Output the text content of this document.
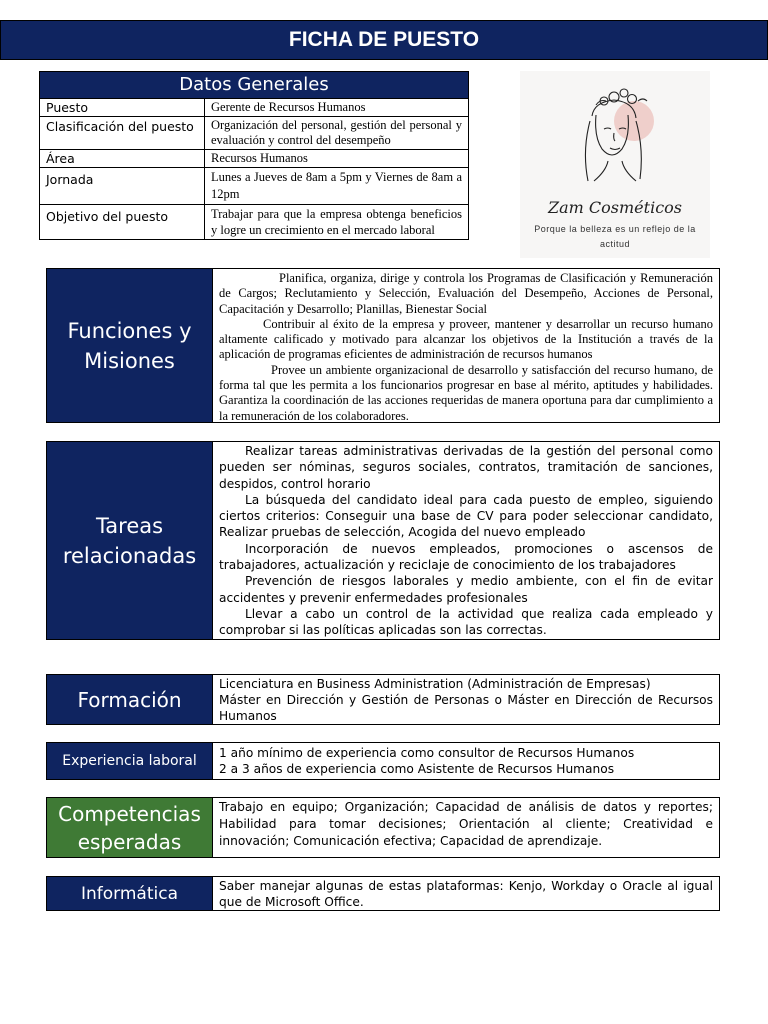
FICHA DE PUESTO
Datos Generales	
Puesto	Gerente de Recursos Humanos
Clasificación del puesto	Organización del personal, gestión del personal y evaluación y control del desempeño
Área	Recursos Humanos
Jornada	Lunes a Jueves de 8am a 5pm y Viernes de 8am a 12pm
Objetivo del puesto	Trabajar para que la empresa obtenga beneficios y logre un crecimiento en el mercado laboral
Zam Cosméticos
Porque la belleza es un reflejo de la actitud
Funciones y Misiones

Planifica, organiza, dirige y controla los Programas de Clasificación y Remuneración de Cargos; Reclutamiento y Selección, Evaluación del Desempeño, Acciones de Personal, Capacitación y Desarrollo; Planillas, Bienestar Social

Contribuir al éxito de la empresa y proveer, mantener y desarrollar un recurso humano altamente calificado y motivado para alcanzar los objetivos de la Institución a través de la aplicación de programas eficientes de administración de recursos humanos

Provee un ambiente organizacional de desarrollo y satisfacción del recurso humano, de forma tal que les permita a los funcionarios progresar en base al mérito, aptitudes y habilidades. Garantiza la coordinación de las acciones requeridas de manera oportuna para dar cumplimiento a la remuneración de los colaboradores.

Tareas relacionadas

Realizar tareas administrativas derivadas de la gestión del personal como pueden ser nóminas, seguros sociales, contratos, tramitación de sanciones, despidos, control horario

La búsqueda del candidato ideal para cada puesto de empleo, siguiendo ciertos criterios: Conseguir una base de CV para poder seleccionar candidato, Realizar pruebas de selección, Acogida del nuevo empleado

Incorporación de nuevos empleados, promociones o ascensos de trabajadores, actualización y reciclaje de conocimiento de los trabajadores

Prevención de riesgos laborales y medio ambiente, con el fin de evitar accidentes y prevenir enfermedades profesionales

Llevar a cabo un control de la actividad que realiza cada empleado y comprobar si las políticas aplicadas son las correctas.

Formación

Licenciatura en Business Administration (Administración de Empresas)

Máster en Dirección y Gestión de Personas o Máster en Dirección de Recursos Humanos

Experiencia laboral	1 año mínimo de experiencia como consultor de Recursos Humanos

2 a 3 años de experiencia como Asistente de Recursos Humanos

Competencias esperadas

Trabajo en equipo; Organización; Capacidad de análisis de datos y reportes; Habilidad para tomar decisiones; Orientación al cliente; Creatividad e innovación; Comunicación efectiva; Capacidad de aprendizaje.

Informática	Saber manejar algunas de estas plataformas: Kenjo, Workday o Oracle al igual que de Microsoft Office.
